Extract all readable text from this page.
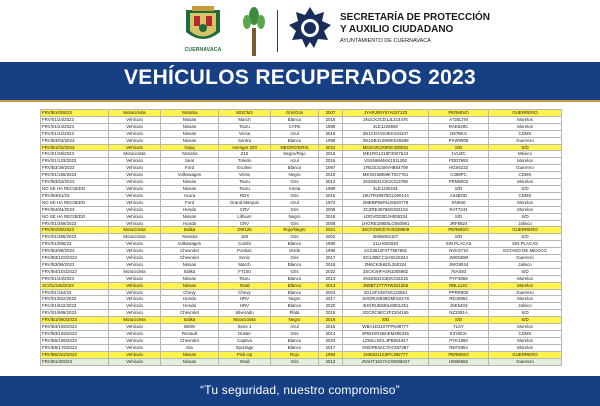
CUERNAVACA
SECRETARÍA DE PROTECCIÓN
Y AUXILIO CIUDADANO
AYUNTAMIENTO DE CUERNAVACA
VEHÍCULOS RECUPERADOS 2023
FRV/B1/005/23	Motocicleta	Yamaha	603CM3	Gris/Gris	2007	JYARJ06Y57A037133	PERMISO	GUERRERO
FRV/01/24/2023	Vehículo	Nissan	March	Blanco	2018	3N1CK3CD1JL214476	A725LTM	Morelos
FRV/01/24/2023	Vehículo	Nissan	Tsuru	CAFE	1989	3LE1228650	RAE548C	Morelos
FRV/01/42/2023	Vehículo	Nissan	Versa	Azul	2019	3N1CN7AD4KK434347	D87BKS	CDMX
FRV/B3/03/2023	Vehículo	Nissan	Sentra	Blanco	1998	3N1DB41S9WK026699	PXW0908	Guerrero
FRV/B1/02/2023	Vehículo	Gejiq	Avenger 220	NEGRO/GRIS	2022	MD2A20JX9NC400031	S/D	S/D
FRV/01/29/2023	Motocicleta	Yamaha	Z16	Negro/Rojo	2016	ME1RG1218F2007543	1VUZC	México
FRV/01/133/2023	Vehículo	Seat	Toledo	Azul	2016	VSSN6M4KK1011292	PDD7992	Morelos
FRV/B3/39/2023	Vehículo	Ford	Ecoline	Blanco	1997	1FBJS31S8VHB64709	HGS6222	Guerrero
FRV/01/155/2023	Vehículo	Volkswagen	Vento	Negro	2019	MEX5H2B59KT027761	C398PC	CDMX
FRV/B3/53/2023	Vehículo	Nissan	Tsuru	Gris	2012	3N1EB31S2CK313780	PRM6002	Morelos
NO SE HA RECIBIDO	Vehículo	Nissan	Tsuru	Arena	1989	3LE1236181	S/D	S/D
FRV/B3/61/23	Vehículo	Acura	RDX	Gris	2016	19UTR48975GL000144	A34BOD	CDMX
NO SE HA RECIBIDO	Vehículo	Ford	Grand Marquis	Azul	1974	2MEBP95F6UX620778	SNK60	Morelos
FRV/B4/84/2023	Vehículo	Honda	CRV	Gris	2006	3CZRE48786G302104	RAT7244	Morelos
NO SE HA RECIBIDO	Vehículo	Nissan	Lithium	Negro	2018	LDDVDD2DJH006334	S/D	S/D
FRV/01/359/2023	Vehículo	Honda	CRV	Gris	2008	1HGRE18958LG060981	JRF8824	Jalisco
FRV/04/05/2023	Motocicleta	Italika	ZW125	Rojo/Negro	2021	3SCFZWCE7HX039809	PERMISO	GUERRERO
FRV/01/386/2023	Motocicleta	Yamaha	150	Gris	2002	3KB6064107	S/D	S/D
FRV/01/066/23	Vehículo	Volkswagen	Combi	Blanco	1990	21LH603040	SIN PLACAS	SIN PLACAS
FRV/B3/98/2023	Vehículo	Chevrolet	Pontiac	Verde	1996	1G2JB12F4T7597581	NVK3710	ESTADO DE MEXICO
FRV/B3/103/2023	Vehículo	Chevrolet	Sonic	Gris	2017	3G1J85CC1HS518344	JWE5598	Guerrero
FRV/B3/99/2023	Vehículo	Nissan	March	Blanco	2018	3N6CK3HBJL250324	JWG9044	Jalisco
FRV/B4/103/2023	Motocicleta	Italika	FT150	Gris	2022	3SCK3HFA4N1005882	76AS93	S/D
FRV/01/34/2023	Vehículo	Nissan	Tsuru	Blanco	2013	3N1EB31S3DK315215	PYF4868	Morelos
SC/01/245/2023	Vehículo	Nissan	Xtrail	Blanco	2014	JN8BT27T7HW321555	RBL114C	Morelos
FRV/01/164/23	Vehículo	Chevy	Chevy	Blanco	2003	3G1SF24876S132561	PPRR800	Guerrero
FRV/01/552/2023	Vehículo	Honda	HRV	Negro	2017	3HGRU5838GM018178	RDJ0964	Morelos
FRV/01/622/2023	Vehículo	Honda	HRV	Blanco	2020	3HGRU5830LM001251	JSE5403	Jalisco
FRV/01/569/2023	Vehículo	Chevrolet	Silverado	Plata	2015	3GCRC9EC2FZ204165	NZ3391A	S/D
FRV/B1/080/2023	Motocicleta	Italika	Motocicleta	Negro	2016	S/D	S/D	S/D
FRV/B3/165/2023	Vehículo	BMW	Serie 1	Azul	2015	WBA1D3107FPK89777	7LSY	Morelos
FRV/B3/159/2023	Vehículo	Renault	Duster	Gris	2014	9FBHSR4BAEM396345	E3YBCK	CDMX
FRV/B6/196/2023	Vehículo	Chevrolet	Captiva	Blanco	2023	LZWLLNCLJPB051917	PYK1860	Morelos
FRV/B6/176/2023	Vehículo	Kia	Sportage	Blanco	2017	KNDPB3AC7H7287387	REF2854	Morelos
FRV/B6/202/2023	Vehículo	Nissan	Pick Up	Rojo	1993	1N6SD11S3PC392777	PERMISO	GUERRERO
FRV/B1/203/23	Vehículo	Nissan	Xtrail	Gris	2012	JN1HT1817ACW006047	HEB6655	Guerrero
“Tu seguridad, nuestro compromiso”
